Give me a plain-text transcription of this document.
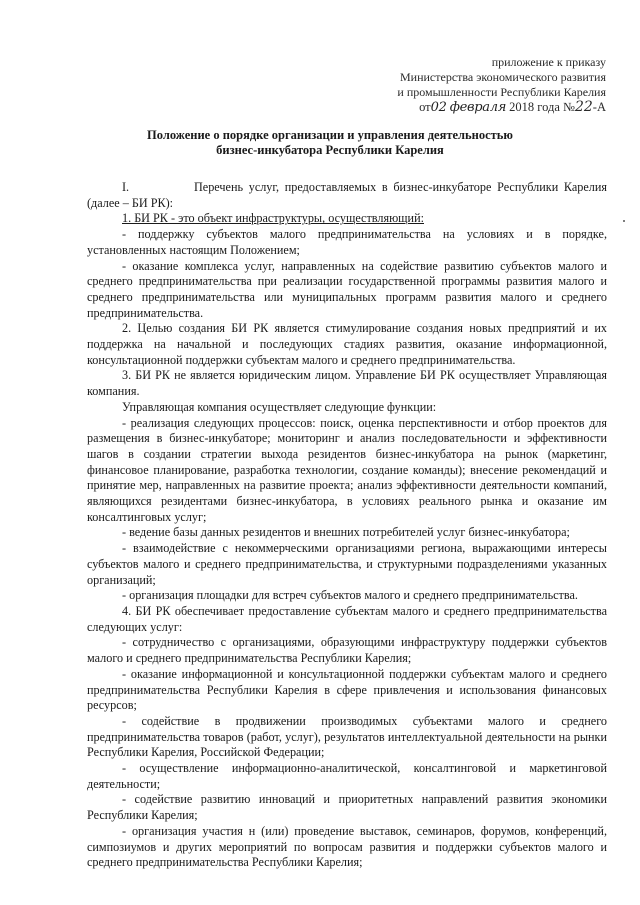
приложение к приказу
Министерства экономического развития
и промышленности Республики Карелия
от02 февраля 2018 года №22-А
Положение о порядке организации и управления деятельностью
бизнес-инкубатора Республики Карелия

I.	Перечень услуг, предоставляемых в бизнес-инкубаторе Республики Карелия (далее – БИ РК):

1. БИ РК - это объект инфраструктуры, осуществляющий:

- поддержку субъектов малого предпринимательства на условиях и в порядке, установленных настоящим Положением;

- оказание комплекса услуг, направленных на содействие развитию субъектов малого и среднего предпринимательства при реализации государственной программы развития малого и среднего предпринимательства или муниципальных программ развития малого и среднего предпринимательства.

2. Целью создания БИ РК является стимулирование создания новых предприятий и их поддержка на начальной и последующих стадиях развития, оказание информационной, консультационной поддержки субъектам малого и среднего предпринимательства.

3. БИ РК не является юридическим лицом. Управление БИ РК осуществляет Управляющая компания.

Управляющая компания осуществляет следующие функции:

- реализация следующих процессов: поиск, оценка перспективности и отбор проектов для размещения в бизнес-инкубаторе; мониторинг и анализ последовательности и эффективности шагов в создании стратегии выхода резидентов бизнес-инкубатора на рынок (маркетинг, финансовое планирование, разработка технологии, создание команды); внесение рекомендаций и принятие мер, направленных на развитие проекта; анализ эффективности деятельности компаний, являющихся резидентами бизнес-инкубатора, в условиях реального рынка и оказание им консалтинговых услуг;

- ведение базы данных резидентов и внешних потребителей услуг бизнес-инкубатора;

- взаимодействие с некоммерческими организациями региона, выражающими интересы субъектов малого и среднего предпринимательства, и структурными подразделениями указанных организаций;

- организация площадки для встреч субъектов малого и среднего предпринимательства.

4. БИ РК обеспечивает предоставление субъектам малого и среднего предпринимательства следующих услуг:

- сотрудничество с организациями, образующими инфраструктуру поддержки субъектов малого и среднего предпринимательства Республики Карелия;

- оказание информационной и консультационной поддержки субъектам малого и среднего предпринимательства Республики Карелия в сфере привлечения и использования финансовых ресурсов;

- содействие в продвижении производимых субъектами малого и среднего предпринимательства товаров (работ, услуг), результатов интеллектуальной деятельности на рынки Республики Карелия, Российской Федерации;

- осуществление информационно-аналитической, консалтинговой и маркетинговой деятельности;

- содействие развитию инноваций и приоритетных направлений развития экономики Республики Карелия;

- организация участия н (или) проведение выставок, семинаров, форумов, конференций, симпозиумов и других мероприятий по вопросам развития и поддержки субъектов малого и среднего предпринимательства Республики Карелия;
